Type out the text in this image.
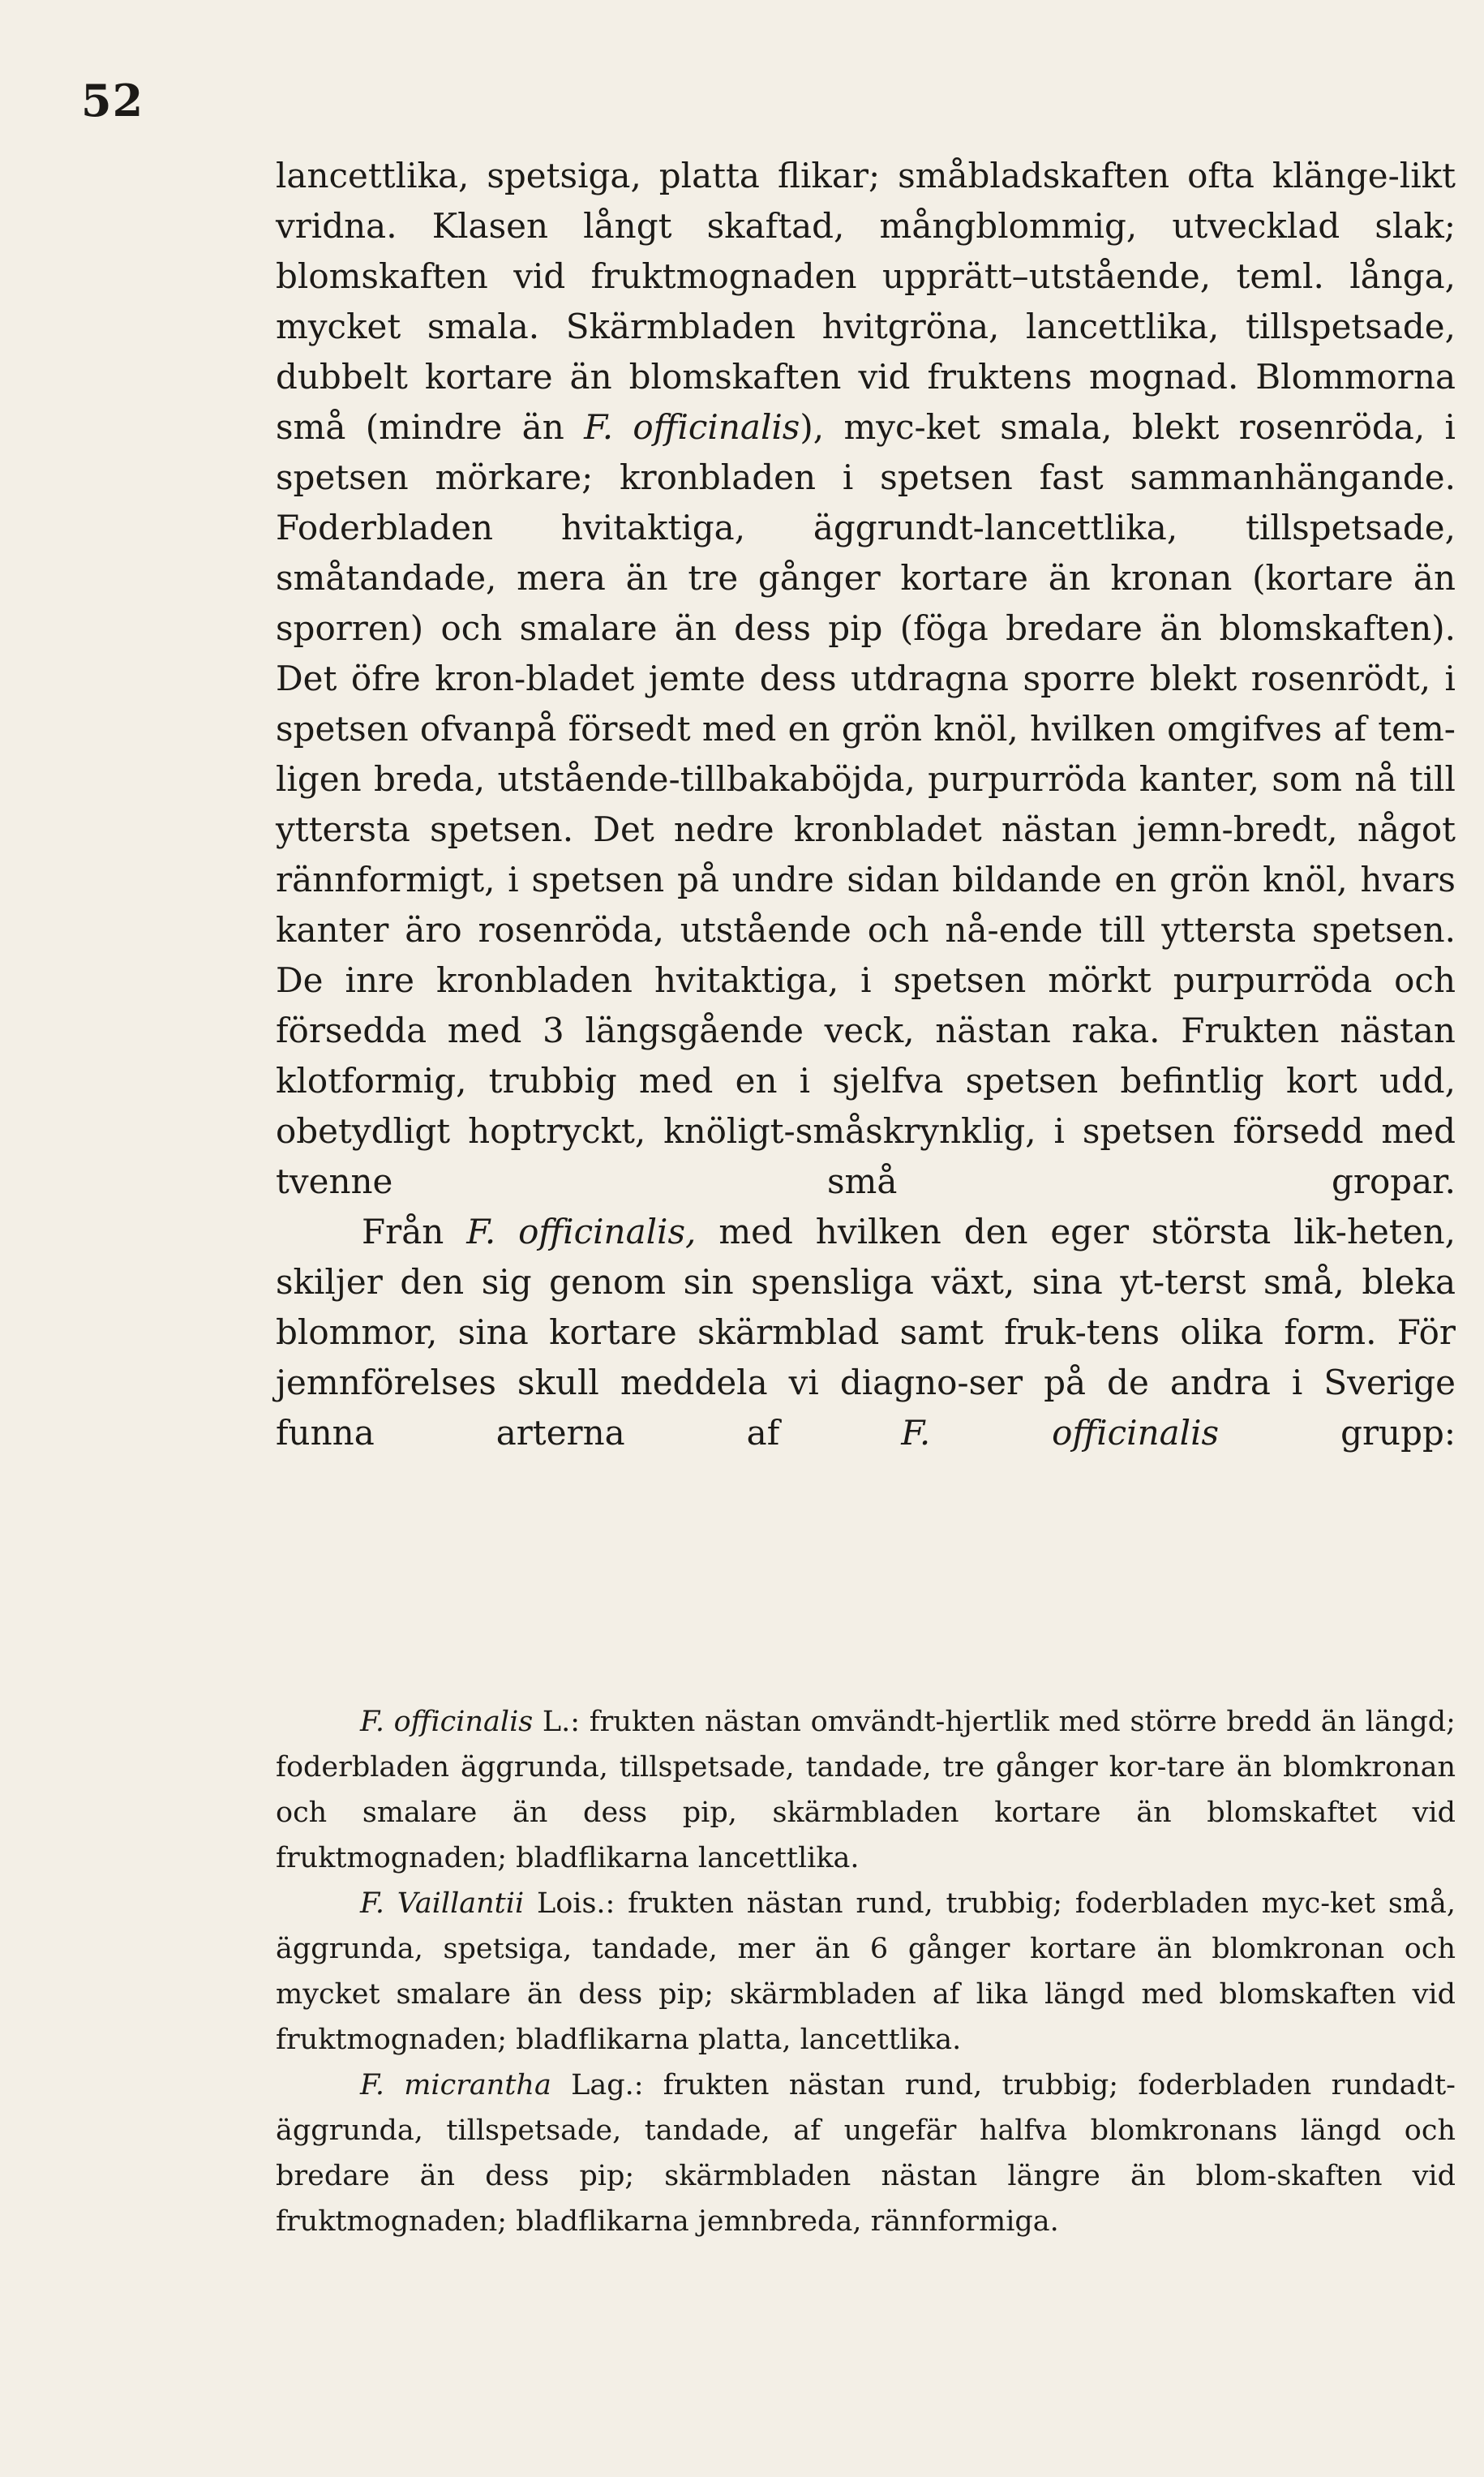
52

lancettlika, spetsiga, platta flikar; småbladskaften ofta klänge-likt vridna. Klasen långt skaftad, mångblommig, utvecklad slak; blomskaften vid fruktmognaden upprätt–utstående, teml. långa, mycket smala. Skärmbladen hvitgröna, lancettlika, tillspetsade, dubbelt kortare än blomskaften vid fruktens mognad. Blommorna små (mindre än F. officinalis), myc-ket smala, blekt rosenröda, i spetsen mörkare; kronbladen i spetsen fast sammanhängande. Foderbladen hvitaktiga, äggrundt-lancettlika, tillspetsade, småtandade, mera än tre gånger kortare än kronan (kortare än sporren) och smalare än dess pip (föga bredare än blomskaften). Det öfre kron-bladet jemte dess utdragna sporre blekt rosenrödt, i spetsen ofvanpå försedt med en grön knöl, hvilken omgifves af tem-ligen breda, utstående-tillbakaböjda, purpurröda kanter, som nå till yttersta spetsen. Det nedre kronbladet nästan jemn-bredt, något rännformigt, i spetsen på undre sidan bildande en grön knöl, hvars kanter äro rosenröda, utstående och nå-ende till yttersta spetsen. De inre kronbladen hvitaktiga, i spetsen mörkt purpurröda och försedda med 3 längsgående veck, nästan raka. Frukten nästan klotformig, trubbig med en i sjelfva spetsen befintlig kort udd, obetydligt hoptryckt, knöligt-småskrynklig, i spetsen försedd med tvenne små gropar.

Från F. officinalis, med hvilken den eger största lik-heten, skiljer den sig genom sin spensliga växt, sina yt-terst små, bleka blommor, sina kortare skärmblad samt fruk-tens olika form. För jemnförelses skull meddela vi diagno-ser på de andra i Sverige funna arterna af	F. officinalis	grupp:

F. officinalis L.: frukten nästan omvändt-hjertlik med större bredd än längd; foderbladen äggrunda, tillspetsade, tandade, tre gånger kor-tare än blomkronan och smalare än dess pip, skärmbladen kortare än blomskaftet vid fruktmognaden; bladflikarna lancettlika.

F. Vaillantii Lois.: frukten nästan rund, trubbig; foderbladen myc-ket små, äggrunda, spetsiga, tandade, mer än 6 gånger kortare än blomkronan och mycket smalare än dess pip; skärmbladen af lika längd med blomskaften vid fruktmognaden; bladflikarna platta, lancettlika.

F. micrantha Lag.: frukten nästan rund, trubbig; foderbladen rundadt-äggrunda, tillspetsade, tandade, af ungefär halfva blomkronans längd och bredare än dess pip; skärmbladen nästan längre än blom-skaften vid fruktmognaden; bladflikarna jemnbreda, rännformiga.
